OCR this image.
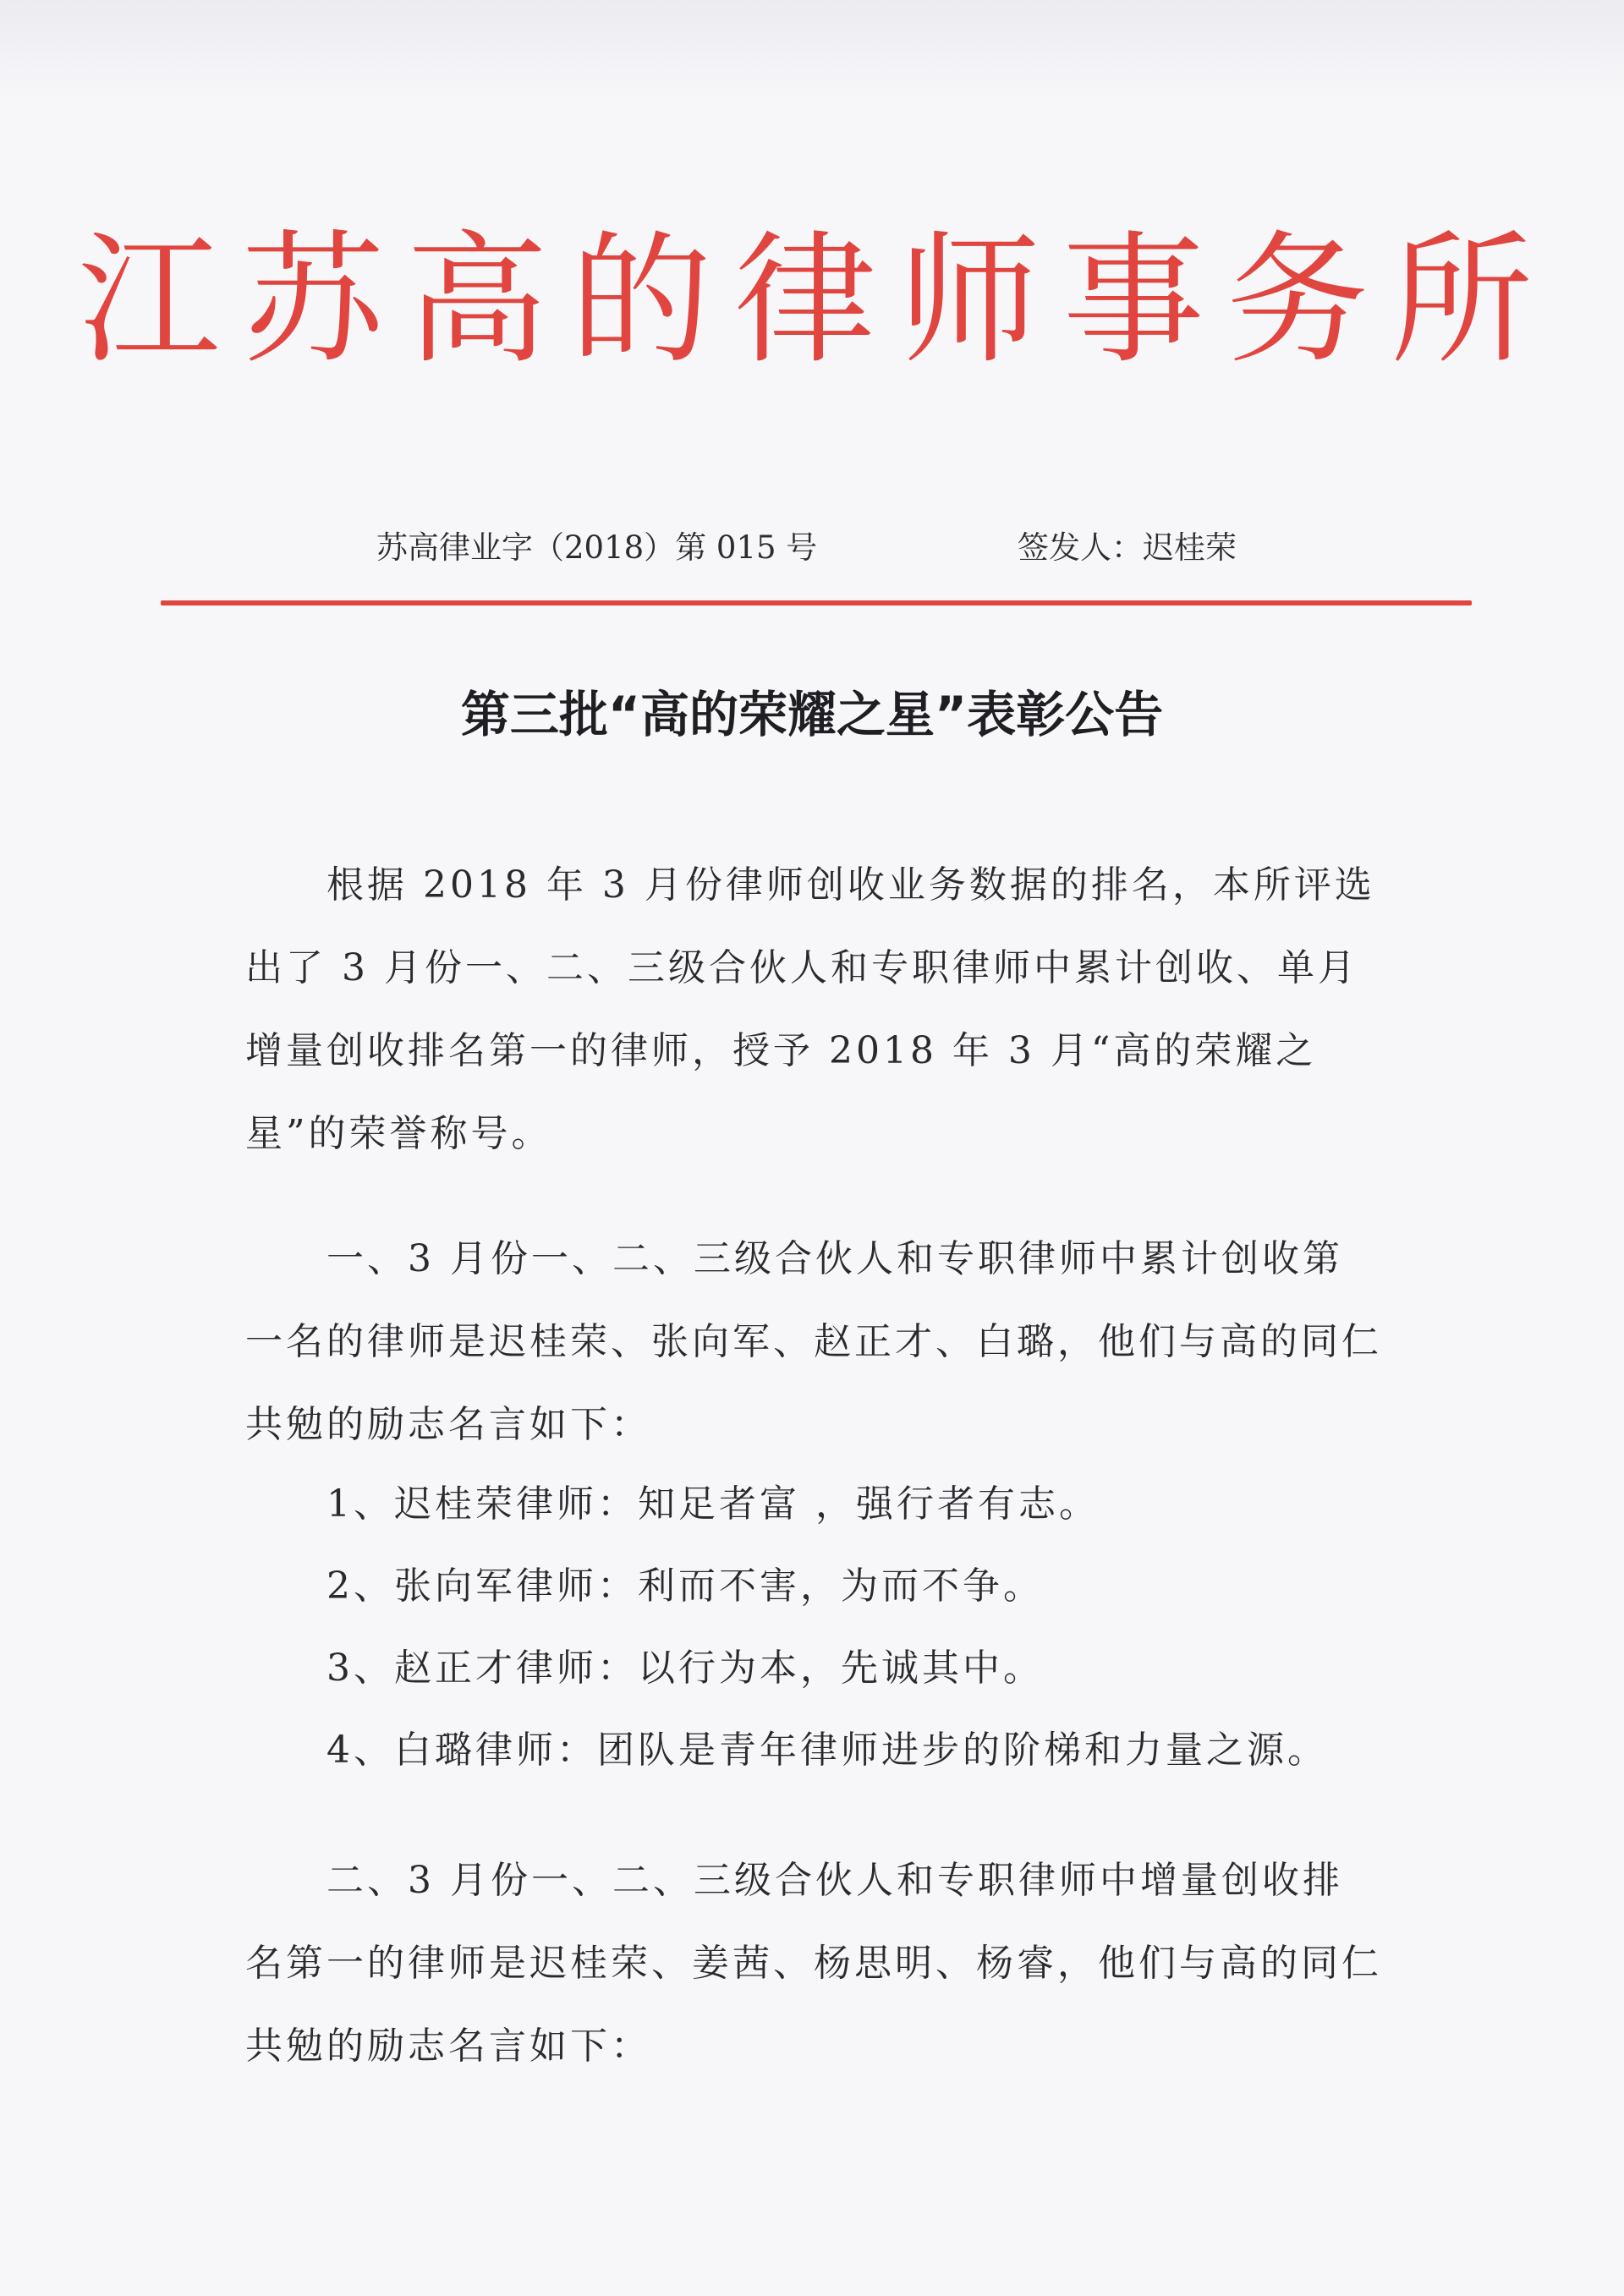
江苏高的律师事务所
苏高律业字（2018）第 015 号	签发人：迟桂荣
第三批“高的荣耀之星”表彰公告

根据 2018 年 3 月份律师创收业务数据的排名，本所评选出了 3 月份一、二、三级合伙人和专职律师中累计创收、单月增量创收排名第一的律师，授予 2018 年 3 月“高的荣耀之星”的荣誉称号。

一、3 月份一、二、三级合伙人和专职律师中累计创收第一名的律师是迟桂荣、张向军、赵正才、白璐，他们与高的同仁共勉的励志名言如下：

1、迟桂荣律师：知足者富 ，强行者有志。
2、张向军律师：利而不害，为而不争。
3、赵正才律师：以行为本，先诚其中。
4、白璐律师：团队是青年律师进步的阶梯和力量之源。

二、3 月份一、二、三级合伙人和专职律师中增量创收排名第一的律师是迟桂荣、姜茜、杨思明、杨睿，他们与高的同仁共勉的励志名言如下：
